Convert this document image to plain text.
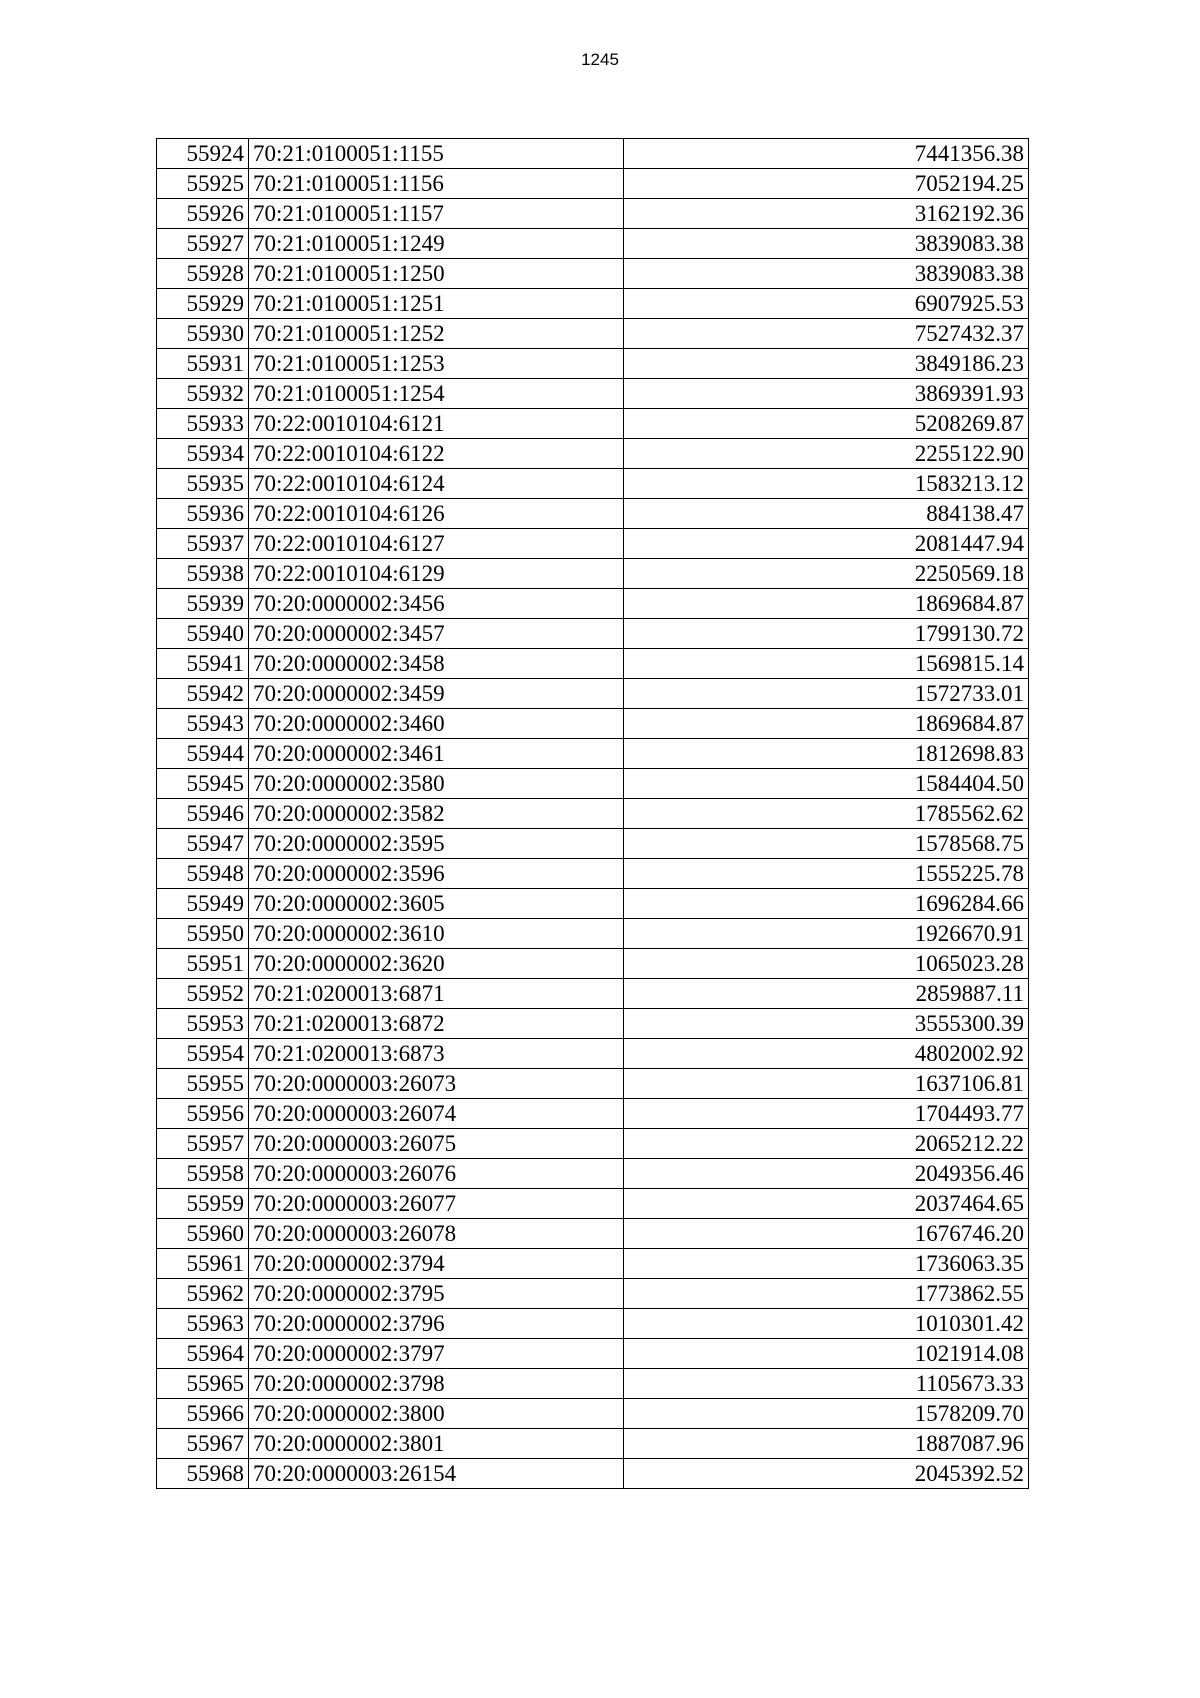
1245
55924	70:21:0100051:1155	7441356.38
55925	70:21:0100051:1156	7052194.25
55926	70:21:0100051:1157	3162192.36
55927	70:21:0100051:1249	3839083.38
55928	70:21:0100051:1250	3839083.38
55929	70:21:0100051:1251	6907925.53
55930	70:21:0100051:1252	7527432.37
55931	70:21:0100051:1253	3849186.23
55932	70:21:0100051:1254	3869391.93
55933	70:22:0010104:6121	5208269.87
55934	70:22:0010104:6122	2255122.90
55935	70:22:0010104:6124	1583213.12
55936	70:22:0010104:6126	884138.47
55937	70:22:0010104:6127	2081447.94
55938	70:22:0010104:6129	2250569.18
55939	70:20:0000002:3456	1869684.87
55940	70:20:0000002:3457	1799130.72
55941	70:20:0000002:3458	1569815.14
55942	70:20:0000002:3459	1572733.01
55943	70:20:0000002:3460	1869684.87
55944	70:20:0000002:3461	1812698.83
55945	70:20:0000002:3580	1584404.50
55946	70:20:0000002:3582	1785562.62
55947	70:20:0000002:3595	1578568.75
55948	70:20:0000002:3596	1555225.78
55949	70:20:0000002:3605	1696284.66
55950	70:20:0000002:3610	1926670.91
55951	70:20:0000002:3620	1065023.28
55952	70:21:0200013:6871	2859887.11
55953	70:21:0200013:6872	3555300.39
55954	70:21:0200013:6873	4802002.92
55955	70:20:0000003:26073	1637106.81
55956	70:20:0000003:26074	1704493.77
55957	70:20:0000003:26075	2065212.22
55958	70:20:0000003:26076	2049356.46
55959	70:20:0000003:26077	2037464.65
55960	70:20:0000003:26078	1676746.20
55961	70:20:0000002:3794	1736063.35
55962	70:20:0000002:3795	1773862.55
55963	70:20:0000002:3796	1010301.42
55964	70:20:0000002:3797	1021914.08
55965	70:20:0000002:3798	1105673.33
55966	70:20:0000002:3800	1578209.70
55967	70:20:0000002:3801	1887087.96
55968	70:20:0000003:26154	2045392.52
